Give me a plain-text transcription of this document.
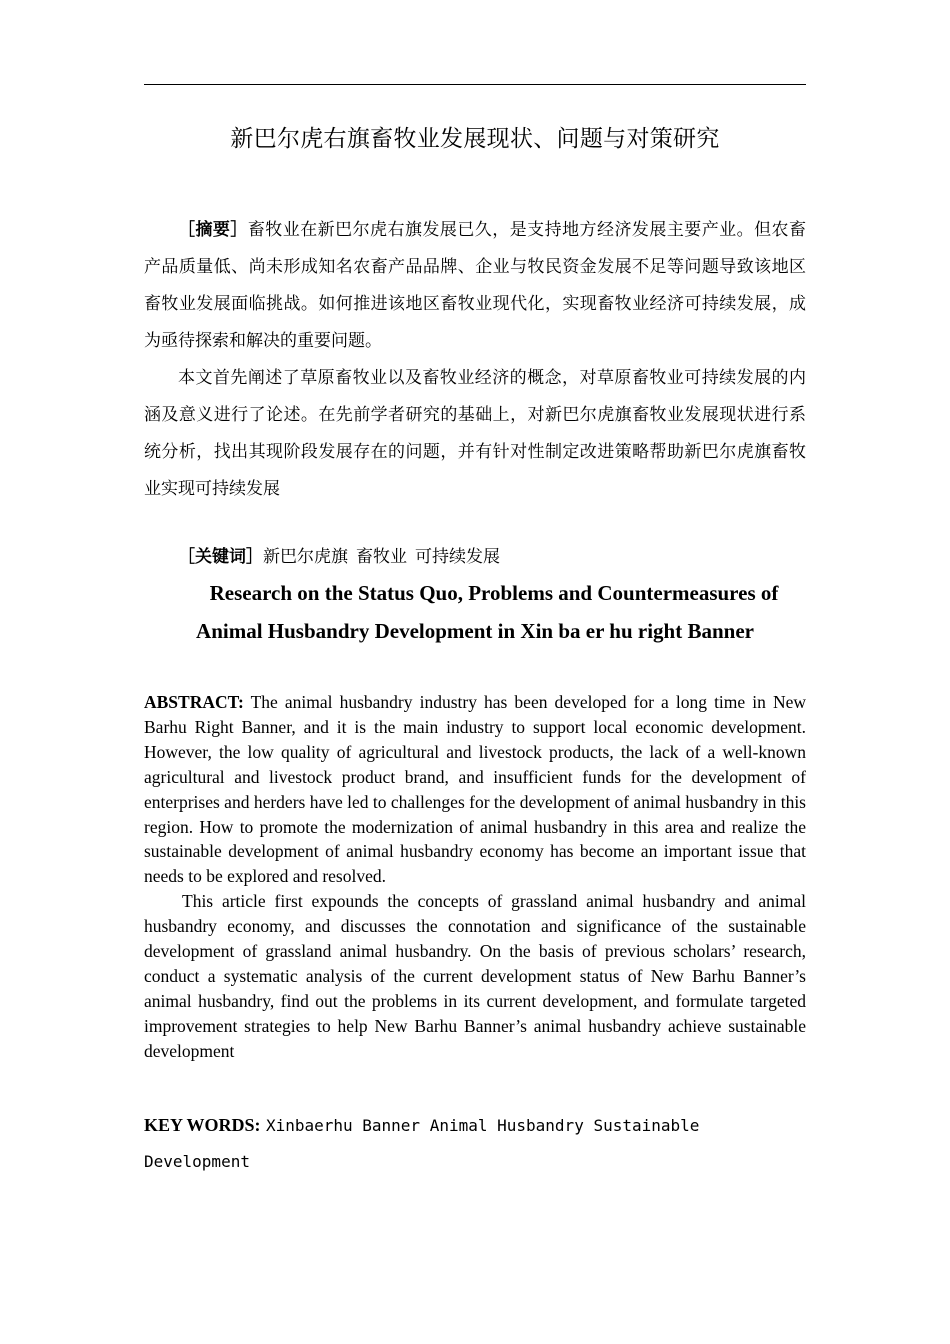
新巴尔虎右旗畜牧业发展现状、问题与对策研究

［摘要］畜牧业在新巴尔虎右旗发展已久，是支持地方经济发展主要产业。但农畜产品质量低、尚未形成知名农畜产品品牌、企业与牧民资金发展不足等问题导致该地区畜牧业发展面临挑战。如何推进该地区畜牧业现代化，实现畜牧业经济可持续发展，成为亟待探索和解决的重要问题。

本文首先阐述了草原畜牧业以及畜牧业经济的概念，对草原畜牧业可持续发展的内涵及意义进行了论述。在先前学者研究的基础上，对新巴尔虎旗畜牧业发展现状进行系统分析，找出其现阶段发展存在的问题，并有针对性制定改进策略帮助新巴尔虎旗畜牧业实现可持续发展

［关键词］新巴尔虎旗 畜牧业 可持续发展
Research on the Status Quo, Problems and Countermeasures of
Animal Husbandry Development in Xin ba er hu right Banner

ABSTRACT: The animal husbandry industry has been developed for a long time in New Barhu Right Banner, and it is the main industry to support local economic development. However, the low quality of agricultural and livestock products, the lack of a well-known agricultural and livestock product brand, and insufficient funds for the development of enterprises and herders have led to challenges for the development of animal husbandry in this region. How to promote the modernization of animal husbandry in this area and realize the sustainable development of animal husbandry economy has become an important issue that needs to be explored and resolved.

This article first expounds the concepts of grassland animal husbandry and animal husbandry economy, and discusses the connotation and significance of the sustainable development of grassland animal husbandry. On the basis of previous scholars’ research, conduct a systematic analysis of the current development status of New Barhu Banner’s animal husbandry, find out the problems in its current development, and formulate targeted improvement strategies to help New Barhu Banner’s animal husbandry achieve sustainable development

KEY WORDS: Xinbaerhu Banner Animal Husbandry Sustainable Development
